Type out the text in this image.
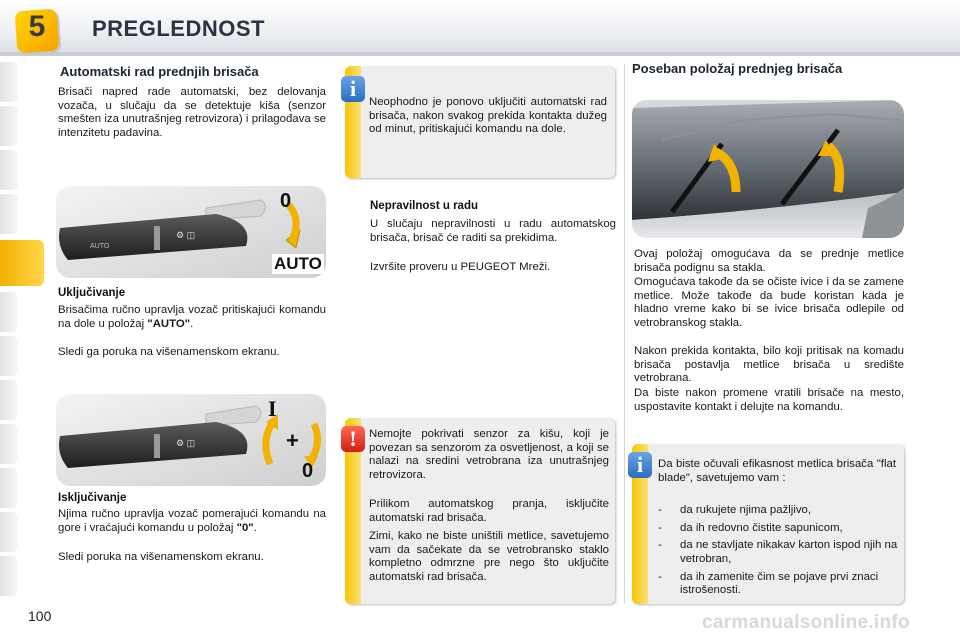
5	PREGLEDNOST
Automatski rad prednjih brisača

Brisači napred rade automatski, bez delovanja vozača, u slučaju da se detektuje kiša (senzor smešten iza unutrašnjeg retrovizora) i prilagođava se intenzitetu padavina.

⚙ ◫
AUTO
0
AUTO
Uključivanje

Brisačima ručno upravlja vozač pritiskajući komandu na dole u položaj "AUTO".

Sledi ga poruka na višenamenskom ekranu.

⚙ ◫
I
+
0
Isključivanje

Njima ručno upravlja vozač pomerajući komandu na gore i vraćajući komandu u položaj "0".

Sledi poruka na višenamenskom ekranu.

Neophodno je ponovo uključiti automatski rad brisača, nakon svakog prekida kontakta dužeg od minut, pritiskajući komandu na dole.

i
Nepravilnost u radu

U slučaju nepravilnosti u radu automatskog brisača, brisač će raditi sa prekidima.

Izvršite proveru u PEUGEOT Mreži.

Nemojte pokrivati senzor za kišu, koji je povezan sa senzorom za osvetljenost, a koji se nalazi na sredini vetrobrana iza unutrašnjeg retrovizora.

Prilikom automatskog pranja, isključite automatski rad brisača.

Zimi, kako ne biste uništili metlice, savetujemo vam da sačekate da se vetrobransko staklo kompletno odmrzne pre nego što uključite automatski rad brisača.

!
Poseban položaj prednjeg brisača

Ovaj položaj omogućava da se prednje metlice brisača podignu sa stakla.

Omogućava takođe da se očiste ivice i da se zamene metlice. Može takođe da bude koristan kada je hladno vreme kako bi se ivice brisača odlepile od vetrobranskog stakla.

Nakon prekida kontakta, bilo koji pritisak na komadu brisača postavlja metlice brisača u središte vetrobrana.

Da biste nakon promene vratili brisače na mesto, uspostavite kontakt i delujte na komandu.

Da biste očuvali efikasnost metlica brisača "flat blade", savetujemo vam :

-	da rukujete njima pažljivo,
-	da ih redovno čistite sapunicom,
-	da ne stavljate nikakav karton ispod njih na vetrobran,
-	da ih zamenite čim se pojave prvi znaci istrošenosti.
i
100	carmanualsonline.info
